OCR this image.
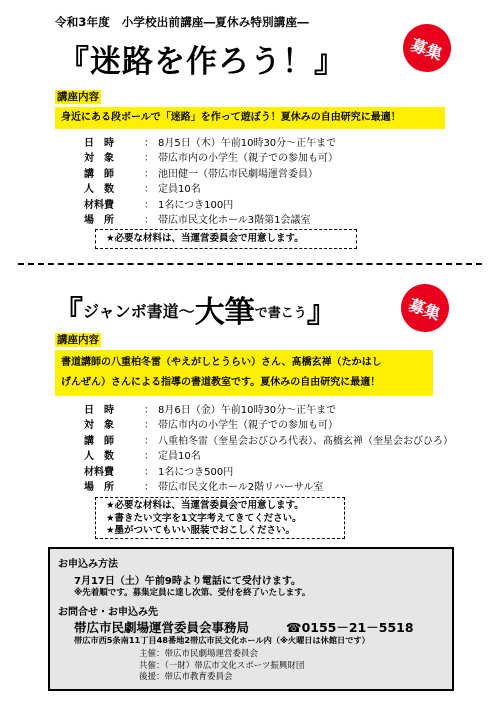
令和3年度　小学校出前講座―夏休み特別講座―
『迷路を作ろう！』	募集
講座内容
身近にある段ボールで「迷路」を作って遊ぼう！夏休みの自由研究に最適！
日　時	： 8月5日（木）午前10時30分～正午まで
対　象	： 帯広市内の小学生（親子での参加も可）
講　師	： 池田健一（帯広市民劇場運営委員）
人　数	： 定員10名
材料費	： 1名につき100円
場　所	： 帯広市民文化ホール3階第1会議室
★必要な材料は、当運営委員会で用意します。
『ジャンボ書道～大筆$^{で書こう}$』	募集
講座内容
書道講師の八重柏冬雷（やえがしとうらい）さん、髙橋玄禅（たかはし
げんぜん）さんによる指導の書道教室です。夏休みの自由研究に最適！
日　時	： 8月6日（金）午前10時30分～正午まで
対　象	： 帯広市内の小学生（親子での参加も可）
講　師	： 八重柏冬雷（奎星会おびひろ代表）、髙橋玄禅（奎星会おびひろ）
人　数	： 定員10名
材料費	： 1名につき500円
場　所	： 帯広市民文化ホール2階リハーサル室
★必要な材料は、当運営委員会で用意します。
★書きたい文字を1文字考えてきてください。
★墨がついてもいい服装でおこしください。
お申込み方法
7月17日（土）午前9時より電話にて受付けます。
※先着順です。募集定員に達し次第、受付を終了いたします。
お問合せ・お申込み先
帯広市民劇場運営委員会事務局	☎0155－21－5518
帯広市西5条南11丁目48番地2帯広市民文化ホール内（※火曜日は休館日です）
主催：帯広市民劇場運営委員会
共催：（一財）帯広市文化スポーツ振興財団
後援：帯広市教育委員会
